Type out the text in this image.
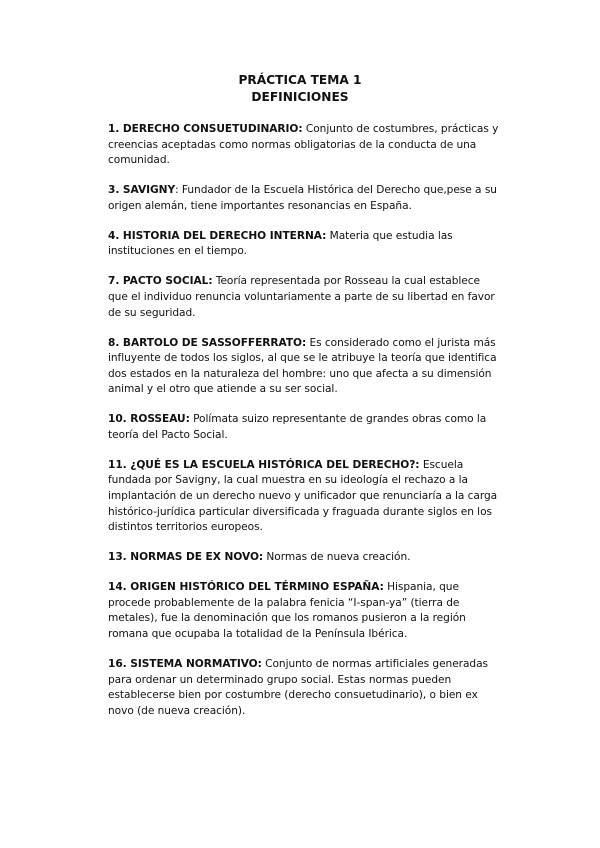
PRÁCTICA TEMA 1
DEFINICIONES

1. DERECHO CONSUETUDINARIO: Conjunto de costumbres, prácticas y creencias aceptadas como normas obligatorias de la conducta de una comunidad.

3. SAVIGNY: Fundador de la Escuela Histórica del Derecho que,pese a su origen alemán, tiene importantes resonancias en España.

4. HISTORIA DEL DERECHO INTERNA: Materia que estudia las instituciones en el tiempo.

7. PACTO SOCIAL: Teoría representada por Rosseau la cual establece que el individuo renuncia voluntariamente a parte de su libertad en favor de su seguridad.

8. BARTOLO DE SASSOFFERRATO: Es considerado como el jurista más influyente de todos los siglos, al que se le atribuye la teoría que identifica dos estados en la naturaleza del hombre: uno que afecta a su dimensión animal y el otro que atiende a su ser social.

10. ROSSEAU: Polímata suizo representante de grandes obras como la teoría del Pacto Social.

11. ¿QUÉ ES LA ESCUELA HISTÓRICA DEL DERECHO?: Escuela fundada por Savigny, la cual muestra en su ideología el rechazo a la implantación de un derecho nuevo y unificador que renunciaría a la carga histórico-jurídica particular diversificada y fraguada durante siglos en los distintos territorios europeos.

13. NORMAS DE EX NOVO: Normas de nueva creación.

14. ORIGEN HISTÓRICO DEL TÉRMINO ESPAÑA: Hispania, que procede probablemente de la palabra fenicia “I-span-ya” (tierra de metales), fue la denominación que los romanos pusieron a la región romana que ocupaba la totalidad de la Península Ibérica.

16. SISTEMA NORMATIVO: Conjunto de normas artificiales generadas para ordenar un determinado grupo social. Estas normas pueden establecerse bien por costumbre (derecho consuetudinario), o bien ex novo (de nueva creación).
